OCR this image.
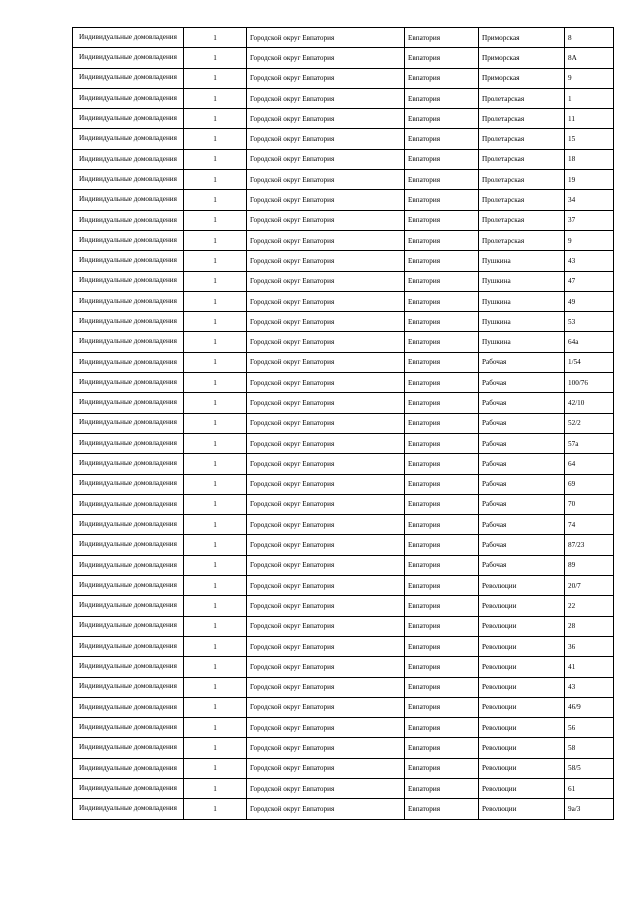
Индивидуальные домовладения	1	Городской округ Евпатория	Евпатория	Приморская	8
Индивидуальные домовладения	1	Городской округ Евпатория	Евпатория	Приморская	8А
Индивидуальные домовладения	1	Городской округ Евпатория	Евпатория	Приморская	9
Индивидуальные домовладения	1	Городской округ Евпатория	Евпатория	Пролетарская	1
Индивидуальные домовладения	1	Городской округ Евпатория	Евпатория	Пролетарская	11
Индивидуальные домовладения	1	Городской округ Евпатория	Евпатория	Пролетарская	15
Индивидуальные домовладения	1	Городской округ Евпатория	Евпатория	Пролетарская	18
Индивидуальные домовладения	1	Городской округ Евпатория	Евпатория	Пролетарская	19
Индивидуальные домовладения	1	Городской округ Евпатория	Евпатория	Пролетарская	34
Индивидуальные домовладения	1	Городской округ Евпатория	Евпатория	Пролетарская	37
Индивидуальные домовладения	1	Городской округ Евпатория	Евпатория	Пролетарская	9
Индивидуальные домовладения	1	Городской округ Евпатория	Евпатория	Пушкина	43
Индивидуальные домовладения	1	Городской округ Евпатория	Евпатория	Пушкина	47
Индивидуальные домовладения	1	Городской округ Евпатория	Евпатория	Пушкина	49
Индивидуальные домовладения	1	Городской округ Евпатория	Евпатория	Пушкина	53
Индивидуальные домовладения	1	Городской округ Евпатория	Евпатория	Пушкина	64а
Индивидуальные домовладения	1	Городской округ Евпатория	Евпатория	Рабочая	1/54
Индивидуальные домовладения	1	Городской округ Евпатория	Евпатория	Рабочая	100/76
Индивидуальные домовладения	1	Городской округ Евпатория	Евпатория	Рабочая	42/10
Индивидуальные домовладения	1	Городской округ Евпатория	Евпатория	Рабочая	52/2
Индивидуальные домовладения	1	Городской округ Евпатория	Евпатория	Рабочая	57а
Индивидуальные домовладения	1	Городской округ Евпатория	Евпатория	Рабочая	64
Индивидуальные домовладения	1	Городской округ Евпатория	Евпатория	Рабочая	69
Индивидуальные домовладения	1	Городской округ Евпатория	Евпатория	Рабочая	70
Индивидуальные домовладения	1	Городской округ Евпатория	Евпатория	Рабочая	74
Индивидуальные домовладения	1	Городской округ Евпатория	Евпатория	Рабочая	87/23
Индивидуальные домовладения	1	Городской округ Евпатория	Евпатория	Рабочая	89
Индивидуальные домовладения	1	Городской округ Евпатория	Евпатория	Революции	20/7
Индивидуальные домовладения	1	Городской округ Евпатория	Евпатория	Революции	22
Индивидуальные домовладения	1	Городской округ Евпатория	Евпатория	Революции	28
Индивидуальные домовладения	1	Городской округ Евпатория	Евпатория	Революции	36
Индивидуальные домовладения	1	Городской округ Евпатория	Евпатория	Революции	41
Индивидуальные домовладения	1	Городской округ Евпатория	Евпатория	Революции	43
Индивидуальные домовладения	1	Городской округ Евпатория	Евпатория	Революции	46/9
Индивидуальные домовладения	1	Городской округ Евпатория	Евпатория	Революции	56
Индивидуальные домовладения	1	Городской округ Евпатория	Евпатория	Революции	58
Индивидуальные домовладения	1	Городской округ Евпатория	Евпатория	Революции	58/5
Индивидуальные домовладения	1	Городской округ Евпатория	Евпатория	Революции	61
Индивидуальные домовладения	1	Городской округ Евпатория	Евпатория	Революции	9а/3
